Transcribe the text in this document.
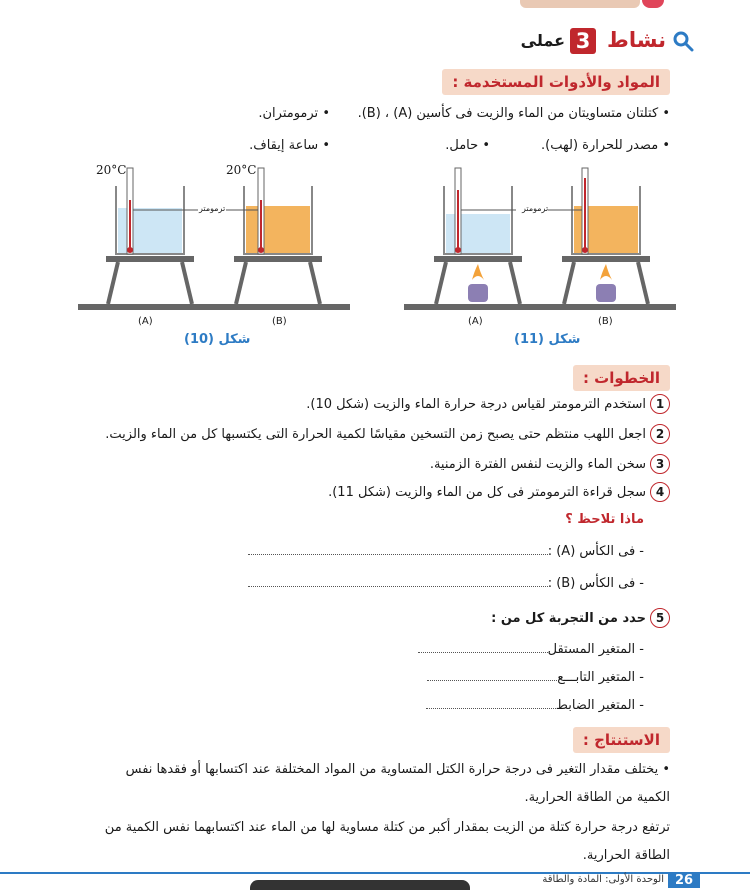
نشاط
3
عملى
المواد والأدوات المستخدمة :
• كتلتان متساويتان من الماء والزيت فى كأسين (A) ، (B).
• ترمومتران.
• مصدر للحرارة (لهب).
• حامل.
• ساعة إيقاف.
20°C	20°C
ترمومتر
(A)	(B)
شكل (10)
ترمومتر
(A)	(B)
شكل (11)
الخطوات :
1استخدم الترمومتر لقياس درجة حرارة الماء والزيت (شكل 10).
2اجعل اللهب منتظم حتى يصبح زمن التسخين مقياسًا لكمية الحرارة التى يكتسبها كل من الماء والزيت.
3سخن الماء والزيت لنفس الفترة الزمنية.
4سجل قراءة الترمومتر فى كل من الماء والزيت (شكل 11).
ماذا تلاحظ ؟
- فى الكأس (A) :
- فى الكأس (B) :
5حدد من التجربة كل من :
- المتغير المستقل
- المتغير التابـــع
- المتغير الضابط
الاستنتاج :
• يختلف مقدار التغير فى درجة حرارة الكتل المتساوية من المواد المختلفة عند اكتسابها أو فقدها نفس الكمية من الطاقة الحرارية.
ترتفع درجة حرارة كتلة من الزيت بمقدار أكبر من كتلة مساوية لها من الماء عند اكتسابهما نفس الكمية من الطاقة الحرارية.
26
الوحدة الأولى: المادة والطاقة
